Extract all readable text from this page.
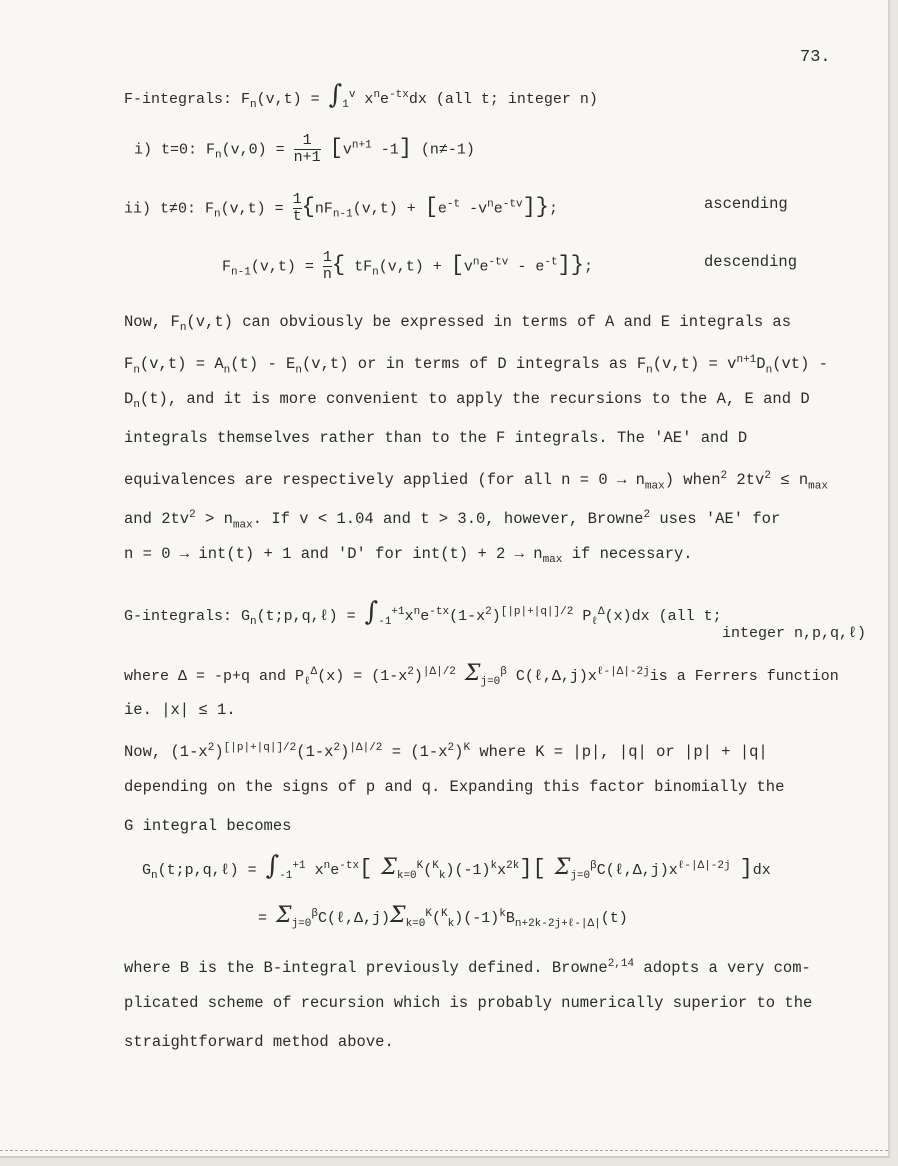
73.
F-integrals: $F_n(v,t) = \int_1^v$ $x^ne^{-tx}dx$ (all t; integer n)
i) t=0: $F_n(v,0) = \frac{1}{n+1} [v^{n+1}$ -1] (n≠-1)
ii) t≠0: $F_n(v,t) = \frac{1}{t} \{nF_{n-1}(v,t) + [e^{-t}$ $-v^ne^{-tv}$]};	ascending
$F_{n-1}(v,t) = \frac{1}{n}$ { $tF_n(v,t) + [v^ne^{-tv} - e^{-t}]$};	descending
Now, $F_n(v,t)$ can obviously be expressed in terms of A and E integrals as
$F_n(v,t) = A_n(t) - E_n(v,t)$ or in terms of D integrals as $F_n(v,t) = v^{n+1}D_n(vt)$ -
$D_n(t)$, and it is more convenient to apply the recursions to the A, E and D
integrals themselves rather than to the F integrals. The 'AE' and D
equivalences are respectively applied (for all $n = 0 \to n_{max}$) when$^2$ $2tv^2 \le n_{max}$
and $2tv^2 > n_{max}$. If v < 1.04 and t > 3.0, however, Browne$^2$ uses 'AE' for
n = 0 → int(t) + 1 and 'D' for $int(t) + 2 \to n_{max}$ if necessary.
G-integrals: $G_n(t;p,q,\ell) = \int_{-1}^{+1}x^ne^{-tx}(1-x^2)^{[|p|+|q|]/2}$ $P_\ell^\Delta(x)dx$ (all t;
integer n,p,q,ℓ)
where Δ = -p+q and $P_\ell^\Delta(x) = (1-x^2)^{|\Delta|/2}$ $\Sigma_{j=0}^\beta$ $C(\ell,\Delta,j)x^{\ell-|\Delta|-2j}is$ a Ferrers function
ie. |x| ≤ 1.
Now, $(1-x^2)^{[|p|+|q|]/2}(1-x^2)^{|\Delta|/2} = (1-x^2)^K$ where K = |p|, |q| or |p| + |q|
depending on the signs of p and q. Expanding this factor binomially the
G integral becomes
$G_n(t;p,q,\ell) = \int_{-1}^{+1}$ $x^ne^{-tx}$[ $\Sigma_{k=0}^K(^K_k)(-1)^kx^{2k}$][ $\Sigma_{j=0}^\beta C(\ell,\Delta,j)x^{\ell-|\Delta|-2j}$ ]dx
= $\Sigma_{j=0}^\beta C(\ell,\Delta,j)\Sigma_{k=0}^K(^K_k)(-1)^kB_{n+2k-2j+\ell-|\Delta|}(t)$
where B is the B-integral previously defined. Browne$^{2,14}$ adopts a very com-
plicated scheme of recursion which is probably numerically superior to the
straightforward method above.
